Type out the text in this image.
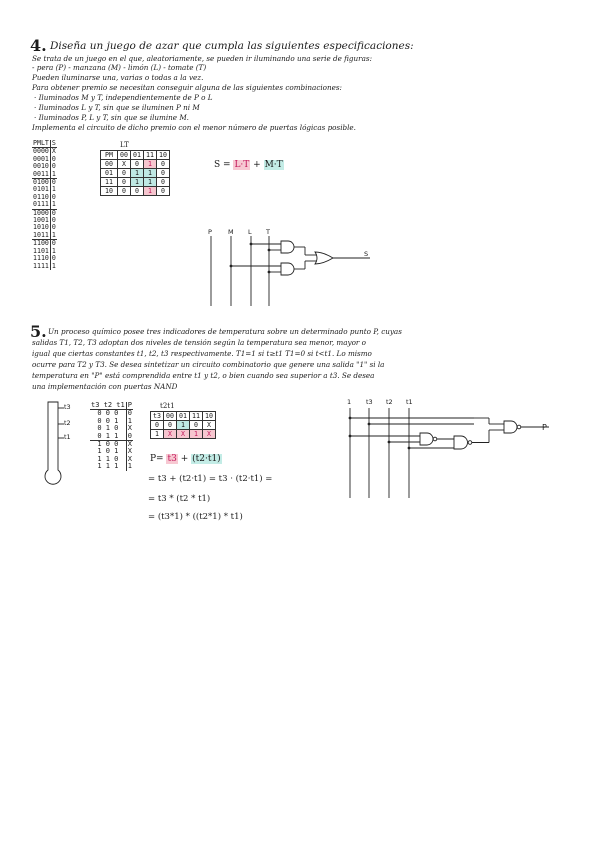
4. Diseña un juego de azar que cumpla las siguientes especificaciones:
Se trata de un juego en el que, aleatoriamente, se pueden ir iluminando una serie de figuras:
- pera (P) - manzana (M) - limón (L) - tomate (T)
Pueden iluminarse una, varias o todas a la vez.
Para obtener premio se necesitan conseguir alguna de las siguientes combinaciones:
· Iluminados M y T, independientemente de P o L
· Iluminados L y T, sin que se iluminen P ni M
· Iluminados P, L y T, sin que se ilumine M.
Implementa el circuito de dicho premio con el menor número de puertas lógicas posible.
PMLT	S
0000	X
0001	0
0010	0
0011	1
0100	0
0101	1
0110	0
0111	1
1000	0
1001	0
1010	0
1011	1
1100	0
1101	1
1110	0
1111	1
LT
PM	00	01	11	10
00	X	0	1	0
01	0	1	1	0
11	0	1	1	0
10	0	0	1	0
S = L·T + M·T
P M L T
S
5. Un proceso químico posee tres indicadores de temperatura sobre un determinado punto P, cuyas
salidas T1, T2, T3 adoptan dos niveles de tensión según la temperatura sea menor, mayor o
igual que ciertas constantes t1, t2, t3 respectivamente. T1=1 si t≥t1 T1=0 si t<t1. Lo mismo
ocurre para T2 y T3. Se desea sintetizar un circuito combinatorio que genere una salida "1" si la
temperatura en "P" está comprendida entre t1 y t2, o bien cuando sea superior a t3. Se desea
una implementación con puertas NAND
t3
t2
t1
t3 t2 t1	P
0 0 0	0
0 0 1	1
0 1 0	X
0 1 1	0
1 0 0	X
1 0 1	X
1 1 0	X
1 1 1	1
t2t1
t3	00	01	11	10
0	0	1	0	X
1	X	X	1	X
P= t3 + (t2·t1)
= t3 + (t2·t1) = t3 · (t2·t1) =
= t3 * (t2 * t1)
= (t3*1) * ((t2*1) * t1)
1 t3 t2 t1
P
